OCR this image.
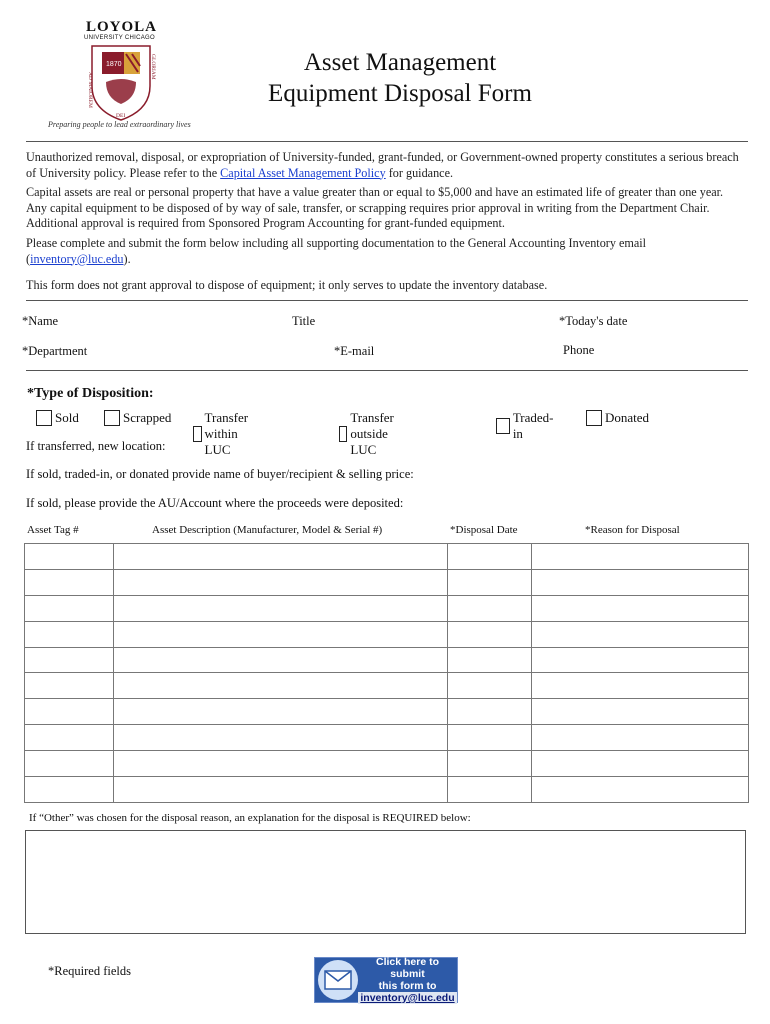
LOYOLA
UNIVERSITY CHICAGO
1870
AD MAIOREM
DEI
GLORIAM
Preparing people to lead extraordinary lives
Asset Management
Equipment Disposal Form
Unauthorized removal, disposal, or expropriation of University-funded, grant-funded, or Government-owned property constitutes a serious breach of University policy. Please refer to the Capital Asset Management Policy for guidance.
Capital assets are real or personal property that have a value greater than or equal to $5,000 and have an estimated life of greater than one year. Any capital equipment to be disposed of by way of sale, transfer, or scrapping requires prior approval in writing from the Department Chair. Additional approval is required from Sponsored Program Accounting for grant-funded equipment.
Please complete and submit the form below including all supporting documentation to the General Accounting Inventory email (inventory@luc.edu).
This form does not grant approval to dispose of equipment; it only serves to update the inventory database.
*Name	Title	*Today's date
*Department	*E-mail	Phone
*Type of Disposition:
Sold	Scrapped	Transfer within LUC
Transfer outside LUC
Traded-in
Donated
If transferred, new location:
If sold, traded-in, or donated provide name of buyer/recipient & selling price:
If sold, please provide the AU/Account where the proceeds were deposited:
Asset Tag #	Asset Description (Manufacturer, Model & Serial #)	*Disposal Date	*Reason for Disposal

If “Other” was chosen for the disposal reason, an explanation for the disposal is REQUIRED below:
*Required fields
Click here to submit
this form to
inventory@luc.edu
